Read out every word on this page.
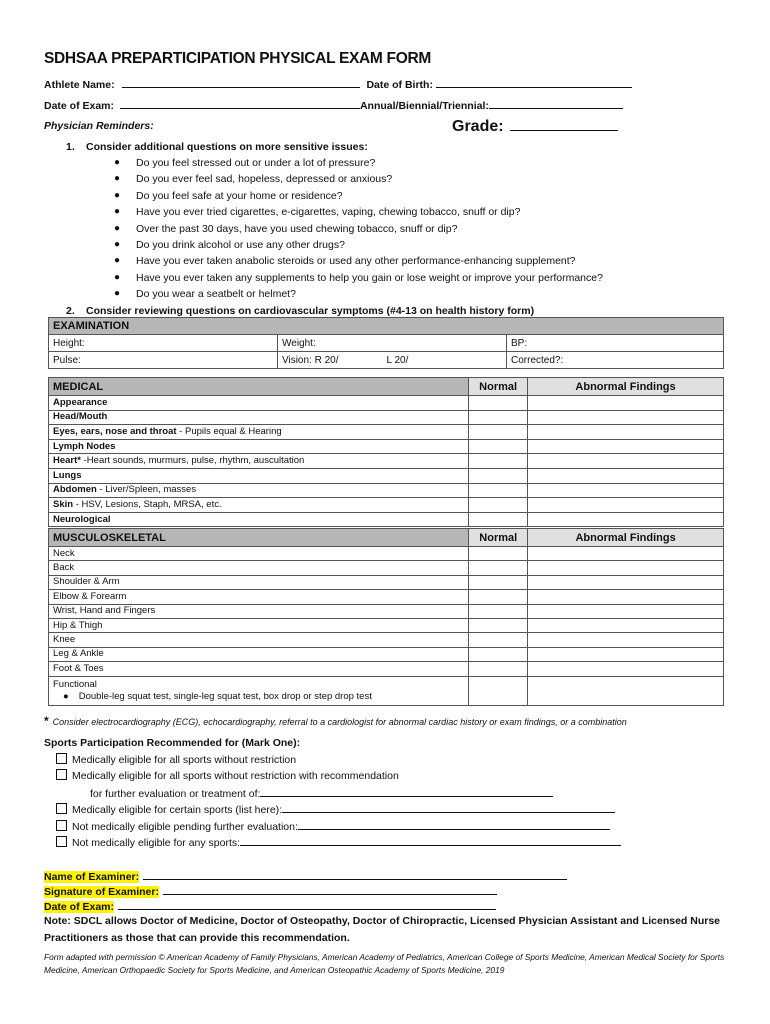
SDHSAA PREPARTICIPATION PHYSICAL EXAM FORM
Athlete Name:	Date of Birth:
Date of Exam:	Annual/Biennial/Triennial:
Physician Reminders:	Grade:
1. Consider additional questions on more sensitive issues:
● Do you feel stressed out or under a lot of pressure?
● Do you ever feel sad, hopeless, depressed or anxious?
● Do you feel safe at your home or residence?
● Have you ever tried cigarettes, e-cigarettes, vaping, chewing tobacco, snuff or dip?
● Over the past 30 days, have you used chewing tobacco, snuff or dip?
● Do you drink alcohol or use any other drugs?
● Have you ever taken anabolic steroids or used any other performance-enhancing supplement?
● Have you ever taken any supplements to help you gain or lose weight or improve your performance?
● Do you wear a seatbelt or helmet?
2. Consider reviewing questions on cardiovascular symptoms (#4-13 on health history form)
EXAMINATION		
Height:	Weight:	BP:
Pulse:	Vision: R 20/ L 20/	Corrected?:
MEDICAL	Normal	Abnormal Findings
Appearance		
Head/Mouth		
Eyes, ears, nose and throat - Pupils equal & Hearing		
Lymph Nodes		
Heart* -Heart sounds, murmurs, pulse, rhythm, auscultation		
Lungs		
Abdomen - Liver/Spleen, masses		
Skin - HSV, Lesions, Staph, MRSA, etc.		
Neurological		
MUSCULOSKELETAL	Normal	Abnormal Findings
Neck		
Back		
Shoulder & Arm		
Elbow & Forearm		
Wrist, Hand and Fingers		
Hip & Thigh		
Knee		
Leg & Ankle		
Foot & Toes		

Functional
● Double-leg squat test, single-leg squat test, box drop or step drop test		

* Consider electrocardiography (ECG), echocardiography, referral to a cardiologist for abnormal cardiac history or exam findings, or a combination
Sports Participation Recommended for (Mark One):
Medically eligible for all sports without restriction
Medically eligible for all sports without restriction with recommendation
for further evaluation or treatment of:
Medically eligible for certain sports (list here):
Not medically eligible pending further evaluation:
Not medically eligible for any sports:
Name of Examiner:
Signature of Examiner:
Date of Exam:
Note: SDCL allows Doctor of Medicine, Doctor of Osteopathy, Doctor of Chiropractic, Licensed Physician Assistant and Licensed Nurse Practitioners as those that can provide this recommendation.
Form adapted with permission © American Academy of Family Physicians, American Academy of Pediatrics, American College of Sports Medicine, American Medical Society for Sports Medicine, American Orthopaedic Society for Sports Medicine, and American Osteopathic Academy of Sports Medicine, 2019
